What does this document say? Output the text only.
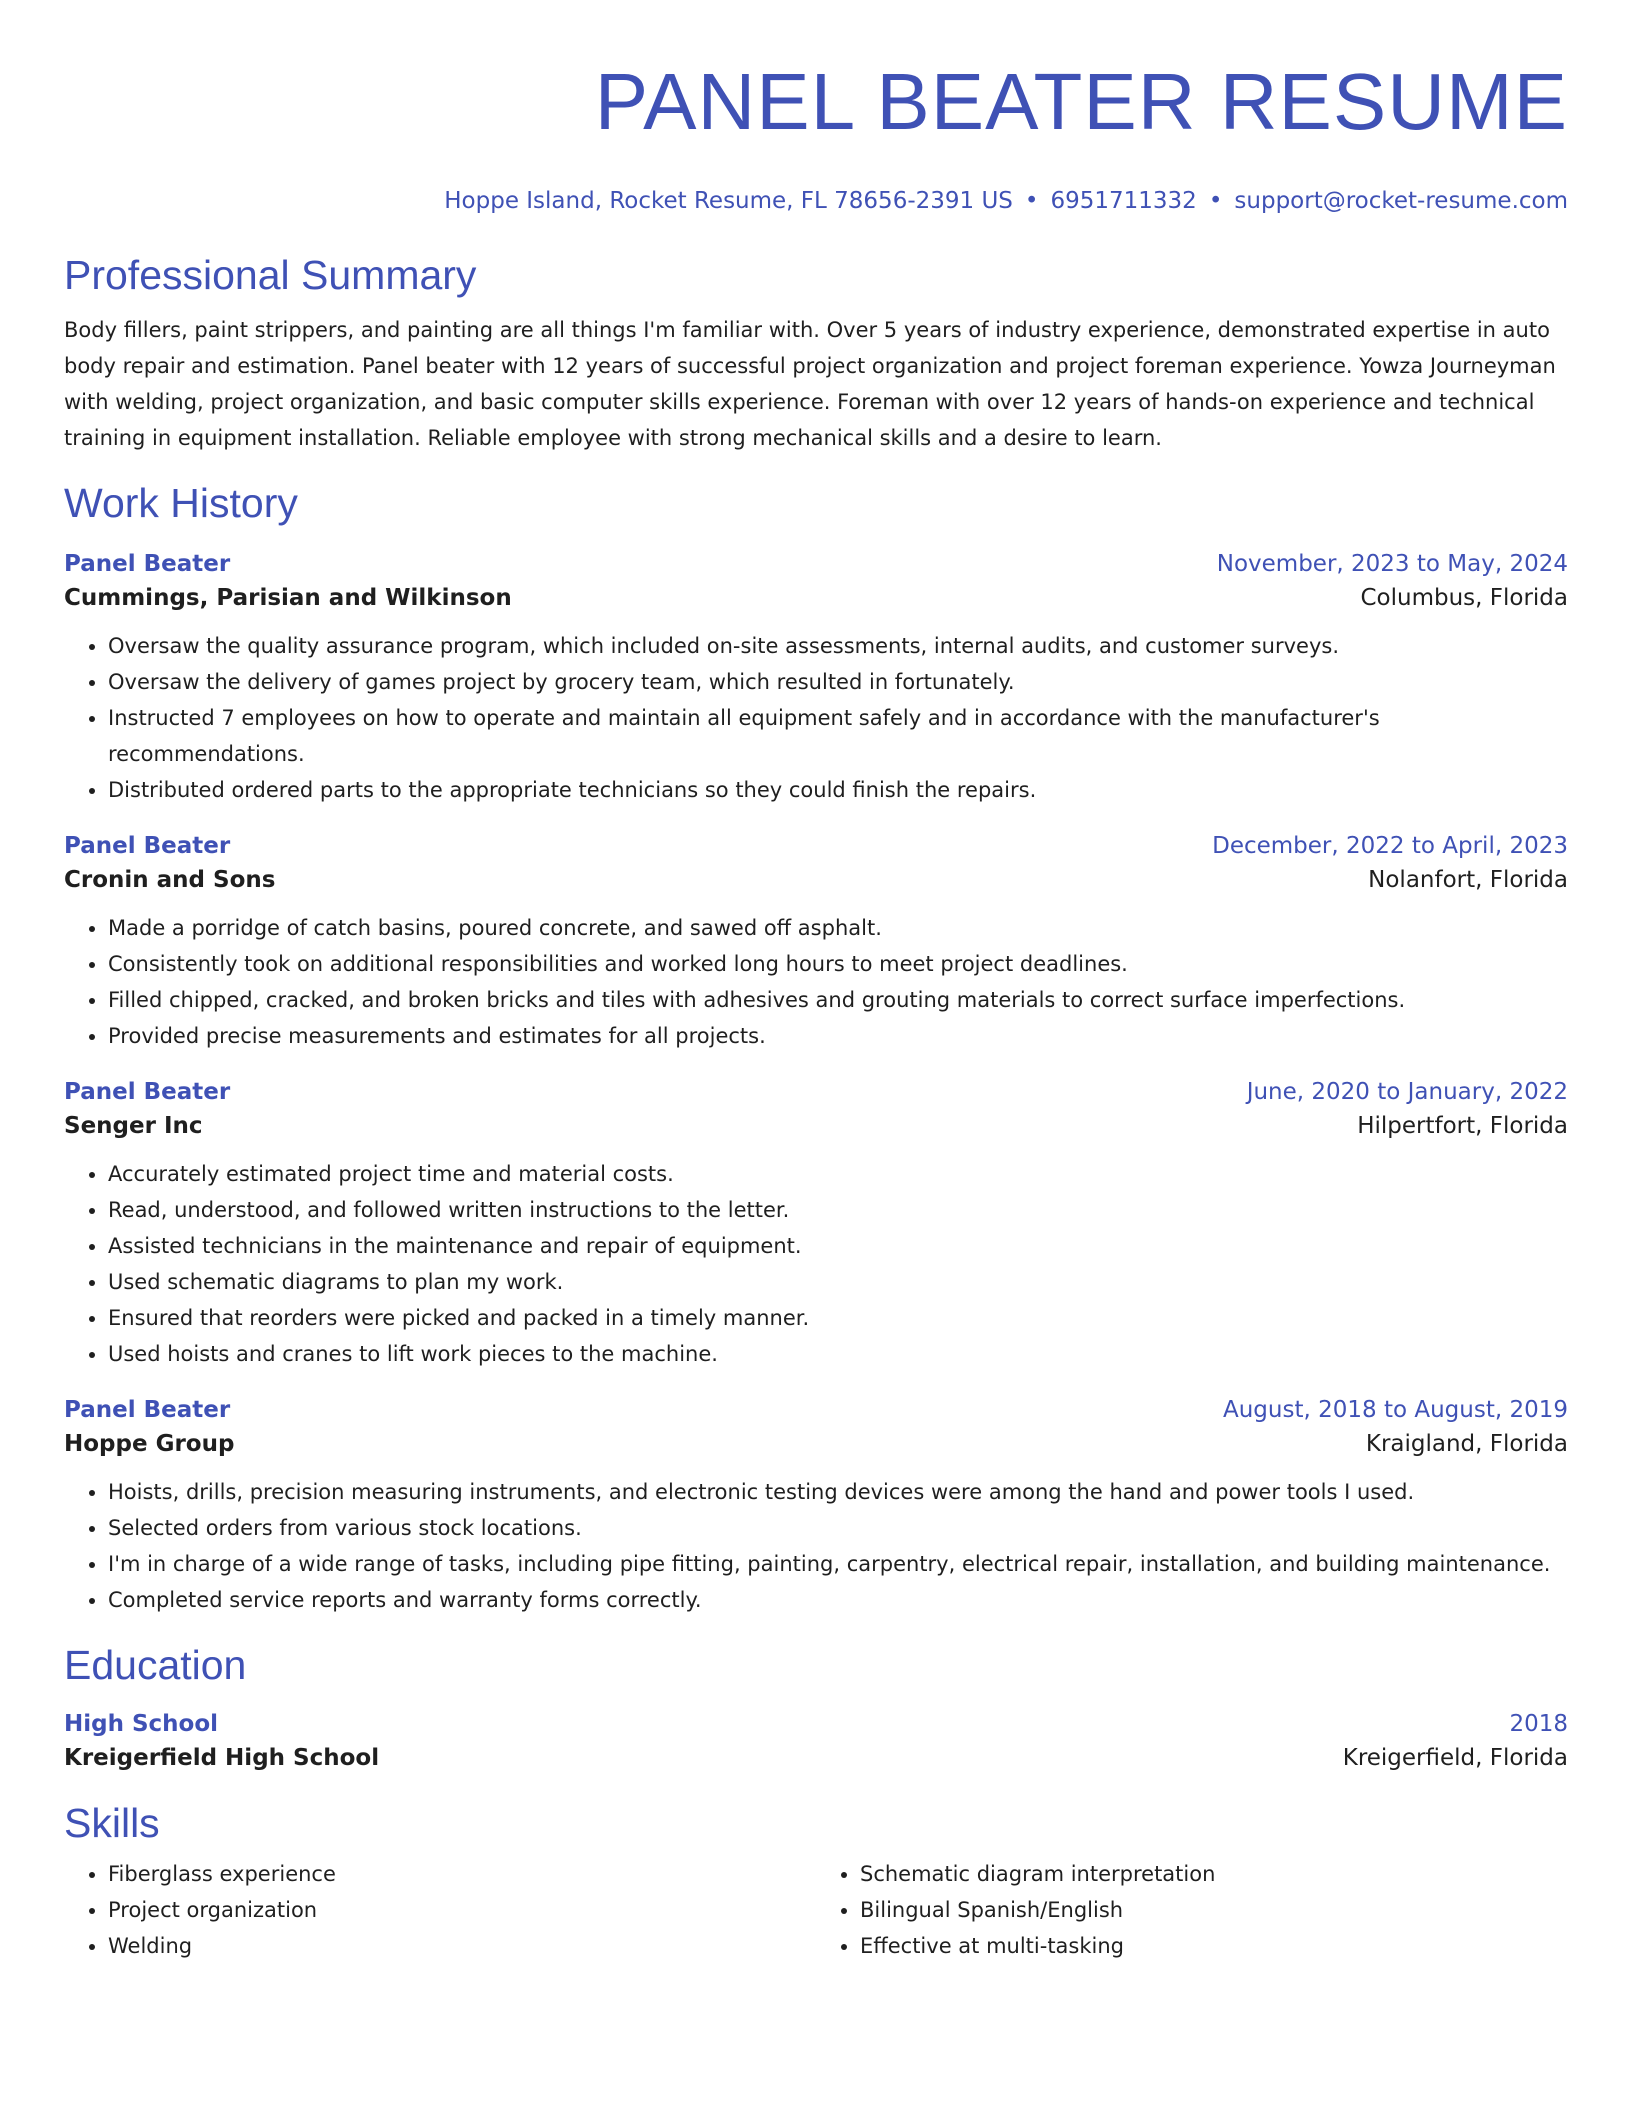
PANEL BEATER RESUME
Hoppe Island, Rocket Resume, FL 78656-2391 US • 6951711332 • support@rocket-resume.com
Professional Summary

Body fillers, paint strippers, and painting are all things I'm familiar with. Over 5 years of industry experience, demonstrated expertise in auto body repair and estimation. Panel beater with 12 years of successful project organization and project foreman experience. Yowza Journeyman with welding, project organization, and basic computer skills experience. Foreman with over 12 years of hands-on experience and technical training in equipment installation. Reliable employee with strong mechanical skills and a desire to learn.

Work History
Panel Beater	November, 2023 to May, 2024
Cummings, Parisian and Wilkinson	Columbus, Florida
• Oversaw the quality assurance program, which included on-site assessments, internal audits, and customer surveys.
• Oversaw the delivery of games project by grocery team, which resulted in fortunately.
• Instructed 7 employees on how to operate and maintain all equipment safely and in accordance with the manufacturer's recommendations.
• Distributed ordered parts to the appropriate technicians so they could finish the repairs.
Panel Beater	December, 2022 to April, 2023
Cronin and Sons	Nolanfort, Florida
• Made a porridge of catch basins, poured concrete, and sawed off asphalt.
• Consistently took on additional responsibilities and worked long hours to meet project deadlines.
• Filled chipped, cracked, and broken bricks and tiles with adhesives and grouting materials to correct surface imperfections.
• Provided precise measurements and estimates for all projects.
Panel Beater	June, 2020 to January, 2022
Senger Inc	Hilpertfort, Florida
• Accurately estimated project time and material costs.
• Read, understood, and followed written instructions to the letter.
• Assisted technicians in the maintenance and repair of equipment.
• Used schematic diagrams to plan my work.
• Ensured that reorders were picked and packed in a timely manner.
• Used hoists and cranes to lift work pieces to the machine.
Panel Beater	August, 2018 to August, 2019
Hoppe Group	Kraigland, Florida
• Hoists, drills, precision measuring instruments, and electronic testing devices were among the hand and power tools I used.
• Selected orders from various stock locations.
• I'm in charge of a wide range of tasks, including pipe fitting, painting, carpentry, electrical repair, installation, and building maintenance.
• Completed service reports and warranty forms correctly.
Education
High School	2018
Kreigerfield High School	Kreigerfield, Florida
Skills
• Fiberglass experience
• Project organization
• Welding
• Schematic diagram interpretation
• Bilingual Spanish/English
• Effective at multi-tasking
